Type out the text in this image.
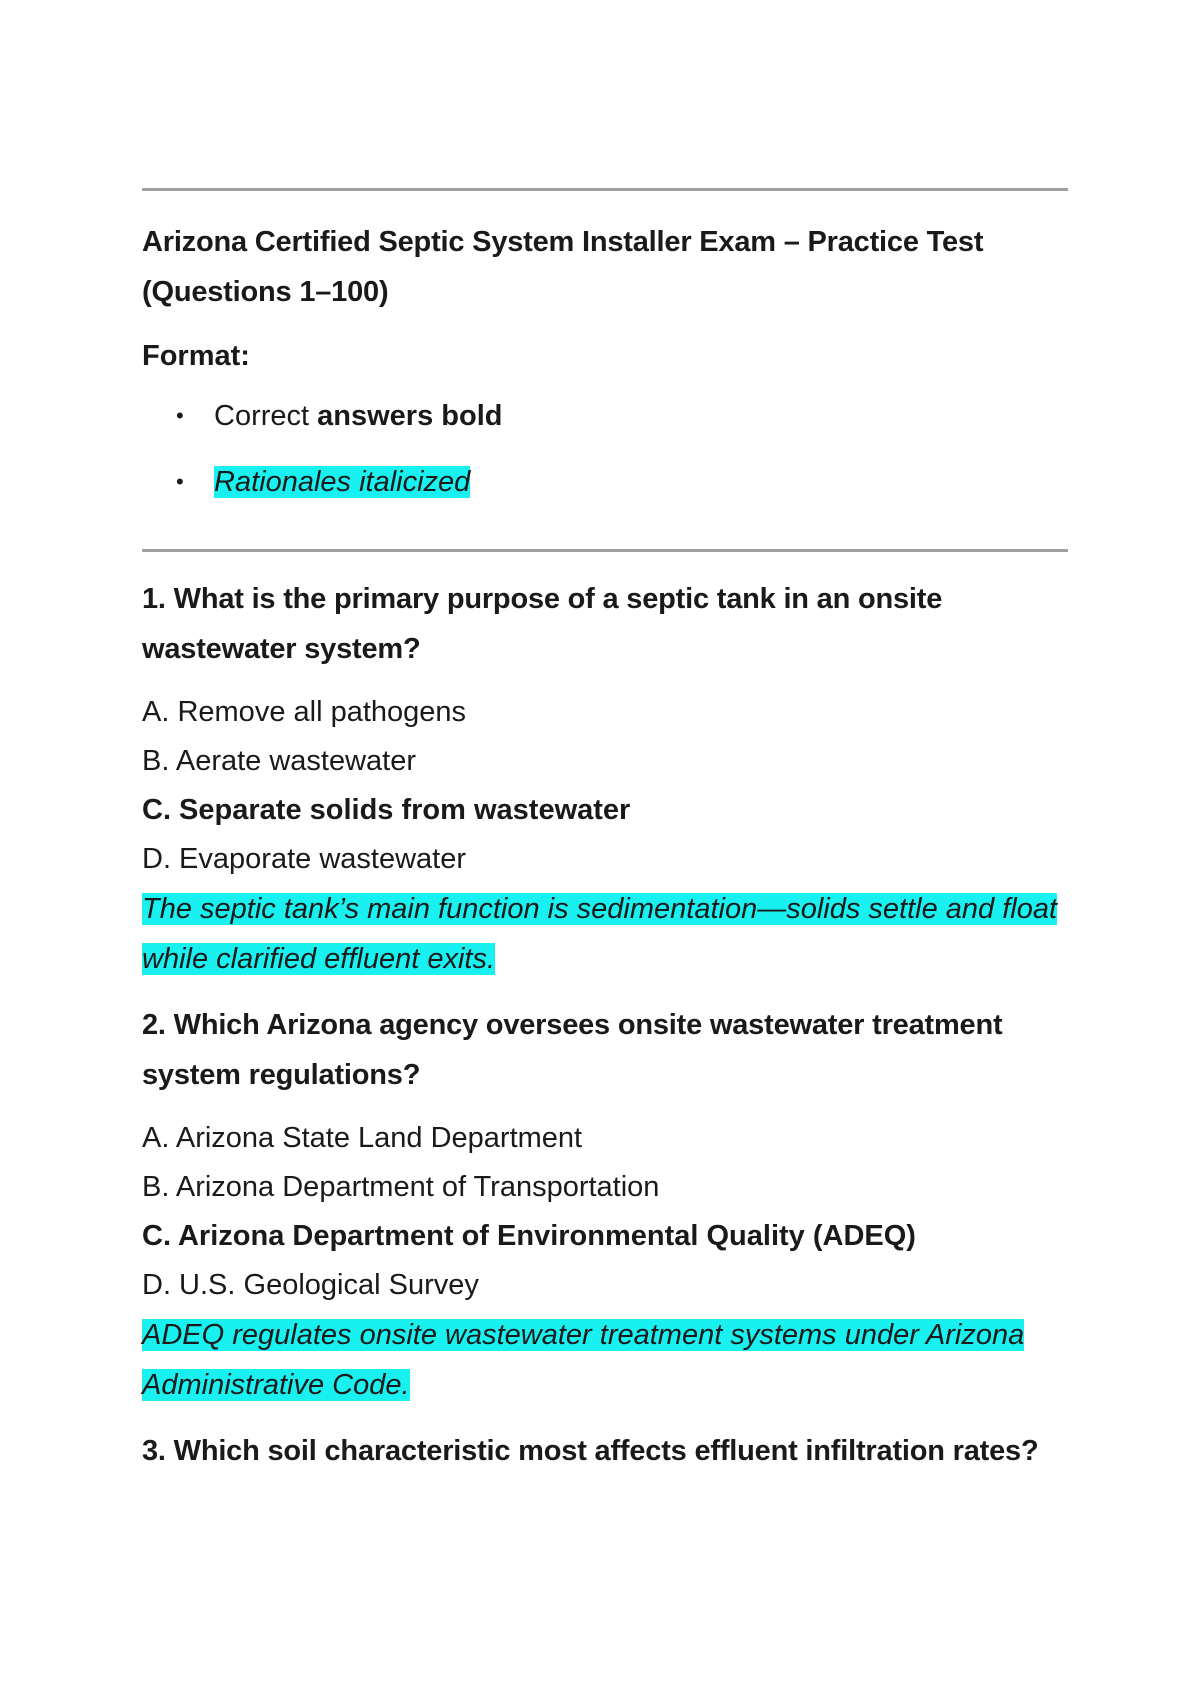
Arizona Certified Septic System Installer Exam – Practice Test (Questions 1–100)
Format:
• Correct answers bold
• Rationales italicized
1. What is the primary purpose of a septic tank in an onsite wastewater system?
A. Remove all pathogens
B. Aerate wastewater
C. Separate solids from wastewater
D. Evaporate wastewater
The septic tank’s main function is sedimentation—solids settle and float while clarified effluent exits.
2. Which Arizona agency oversees onsite wastewater treatment system regulations?
A. Arizona State Land Department
B. Arizona Department of Transportation
C. Arizona Department of Environmental Quality (ADEQ)
D. U.S. Geological Survey
ADEQ regulates onsite wastewater treatment systems under Arizona Administrative Code.
3. Which soil characteristic most affects effluent infiltration rates?
